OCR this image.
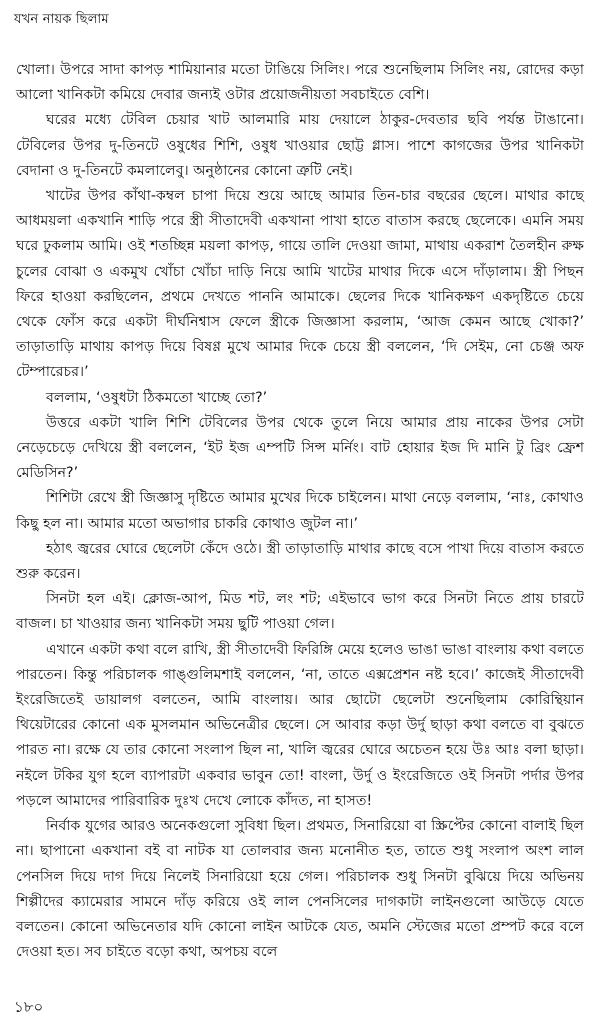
যখন নায়ক ছিলাম

খোলা। উপরে সাদা কাপড় শামিয়ানার মতো টাঙিয়ে সিলিং। পরে শুনেছিলাম সিলিং নয়, রোদের কড়া আলো খানিকটা কমিয়ে দেবার জন্যই ওটার প্রয়োজনীয়তা সবচাইতে বেশি।

ঘরের মধ্যে টেবিল চেয়ার খাট আলমারি মায় দেয়ালে ঠাকুর-দেবতার ছবি পর্যন্ত টাঙানো। টেবিলের উপর দু-তিনটে ওষুধের শিশি, ওষুধ খাওয়ার ছোট্ট গ্লাস। পাশে কাগজের উপর খানিকটা বেদানা ও দু-তিনটে কমলালেবু। অনুষ্ঠানের কোনো ত্রুটি নেই।

খাটের উপর কাঁথা-কম্বল চাপা দিয়ে শুয়ে আছে আমার তিন-চার বছরের ছেলে। মাথার কাছে আধময়লা একখানি শাড়ি পরে স্ত্রী সীতাদেবী একখানা পাখা হাতে বাতাস করছে ছেলেকে। এমনি সময় ঘরে ঢুকলাম আমি। ওই শতচ্ছিন্ন ময়লা কাপড়, গায়ে তালি দেওয়া জামা, মাথায় একরাশ তৈলহীন রুক্ষ চুলের বোঝা ও একমুখ খোঁচা খোঁচা দাড়ি নিয়ে আমি খাটের মাথার দিকে এসে দাঁড়ালাম। স্ত্রী পিছন ফিরে হাওয়া করছিলেন, প্রথমে দেখতে পাননি আমাকে। ছেলের দিকে খানিকক্ষণ একদৃষ্টিতে চেয়ে থেকে ফোঁস করে একটা দীর্ঘনিশ্বাস ফেলে স্ত্রীকে জিজ্ঞাসা করলাম, ‘আজ কেমন আছে খোকা?’ তাড়াতাড়ি মাথায় কাপড় দিয়ে বিষণ্ণ মুখে আমার দিকে চেয়ে স্ত্রী বললেন, ‘দি সেইম, নো চেঞ্জ অফ টেম্পারেচর।’

বললাম, ‘ওষুধটা ঠিকমতো খাচ্ছে তো?’

উত্তরে একটা খালি শিশি টেবিলের উপর থেকে তুলে নিয়ে আমার প্রায় নাকের উপর সেটা নেড়েচেড়ে দেখিয়ে স্ত্রী বললেন, ‘ইট ইজ এম্পটি সিন্স মর্নিং। বাট হোয়ার ইজ দি মানি টু ব্রিং ফ্রেশ মেডিসিন?’

শিশিটা রেখে স্ত্রী জিজ্ঞাসু দৃষ্টিতে আমার মুখের দিকে চাইলেন। মাথা নেড়ে বললাম, ‘নাঃ, কোথাও কিছু হল না। আমার মতো অভাগার চাকরি কোথাও জুটল না।’

হঠাৎ জ্বরের ঘোরে ছেলেটা কেঁদে ওঠে। স্ত্রী তাড়াতাড়ি মাথার কাছে বসে পাখা দিয়ে বাতাস করতে শুরু করেন।

সিনটা হল এই। ক্লোজ-আপ, মিড শট, লং শট; এইভাবে ভাগ করে সিনটা নিতে প্রায় চারটে বাজল। চা খাওয়ার জন্য খানিকটা সময় ছুটি পাওয়া গেল।

এখানে একটা কথা বলে রাখি, স্ত্রী সীতাদেবী ফিরিঙ্গি মেয়ে হলেও ভাঙা ভাঙা বাংলায় কথা বলতে পারতেন। কিন্তু পরিচালক গাঙ্গুলিমশাই বললেন, ‘না, তাতে এক্সপ্রেশন নষ্ট হবে।’ কাজেই সীতাদেবী ইংরেজিতেই ডায়ালগ বলতেন, আমি বাংলায়। আর ছোটো ছেলেটা শুনেছিলাম কোরিন্থিয়ান থিয়েটারের কোনো এক মুসলমান অভিনেত্রীর ছেলে। সে আবার কড়া উর্দু ছাড়া কথা বলতে বা বুঝতে পারত না। রক্ষে যে তার কোনো সংলাপ ছিল না, খালি জ্বরের ঘোরে অচেতন হয়ে উঃ আঃ বলা ছাড়া। নইলে টকির যুগ হলে ব্যাপারটা একবার ভাবুন তো! বাংলা, উর্দু ও ইংরেজিতে ওই সিনটা পর্দার উপর পড়লে আমাদের পারিবারিক দুঃখ দেখে লোকে কাঁদত, না হাসত!

নির্বাক যুগের আরও অনেকগুলো সুবিধা ছিল। প্রথমত, সিনারিয়ো বা স্ক্রিপ্টের কোনো বালাই ছিল না। ছাপানো একখানা বই বা নাটক যা তোলবার জন্য মনোনীত হত, তাতে শুধু সংলাপ অংশ লাল পেনসিল দিয়ে দাগ দিয়ে নিলেই সিনারিয়ো হয়ে গেল। পরিচালক শুধু সিনটা বুঝিয়ে দিয়ে অভিনয় শিল্পীদের ক্যামেরার সামনে দাঁড় করিয়ে ওই লাল পেনসিলের দাগকাটা লাইনগুলো আউড়ে যেতে বলতেন। কোনো অভিনেতার যদি কোনো লাইন আটকে যেত, অমনি স্টেজের মতো প্রম্পট করে বলে দেওয়া হত। সব চাইতে বড়ো কথা, অপচয় বলে

১৮০
